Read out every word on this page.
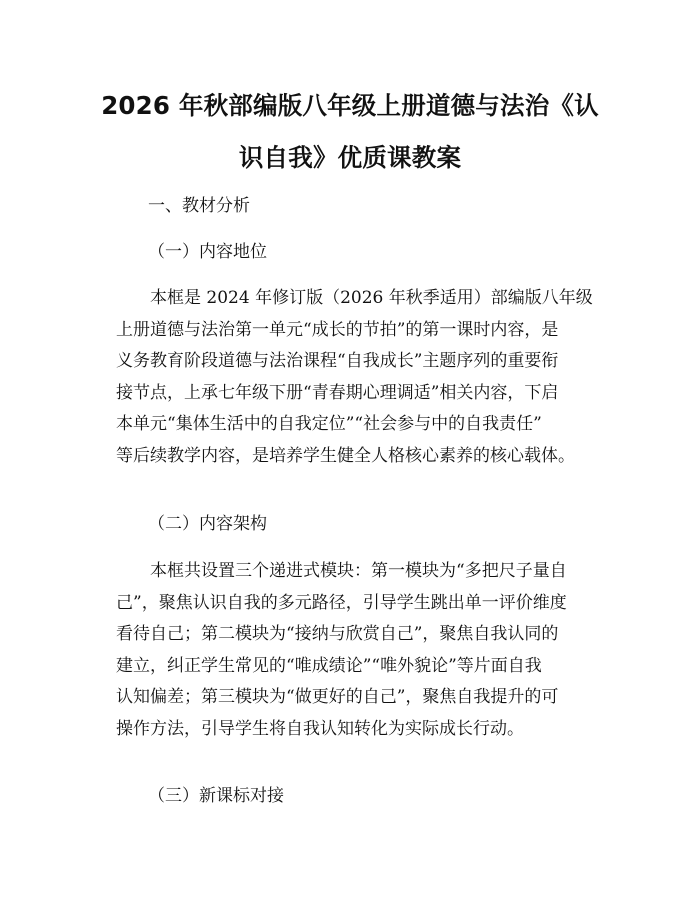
2026 年秋部编版八年级上册道德与法治《认
识自我》优质课教案

一、教材分析

（一）内容地位

本框是 2024 年修订版（2026 年秋季适用）部编版八年级
上册道德与法治第一单元“成长的节拍”的第一课时内容，是
义务教育阶段道德与法治课程“自我成长”主题序列的重要衔
接节点，上承七年级下册“青春期心理调适”相关内容，下启
本单元“集体生活中的自我定位”“社会参与中的自我责任”
等后续教学内容，是培养学生健全人格核心素养的核心载体。

（二）内容架构

本框共设置三个递进式模块：第一模块为“多把尺子量自
己”，聚焦认识自我的多元路径，引导学生跳出单一评价维度
看待自己；第二模块为“接纳与欣赏自己”，聚焦自我认同的
建立，纠正学生常见的“唯成绩论”“唯外貌论”等片面自我
认知偏差；第三模块为“做更好的自己”，聚焦自我提升的可
操作方法，引导学生将自我认知转化为实际成长行动。

（三）新课标对接
